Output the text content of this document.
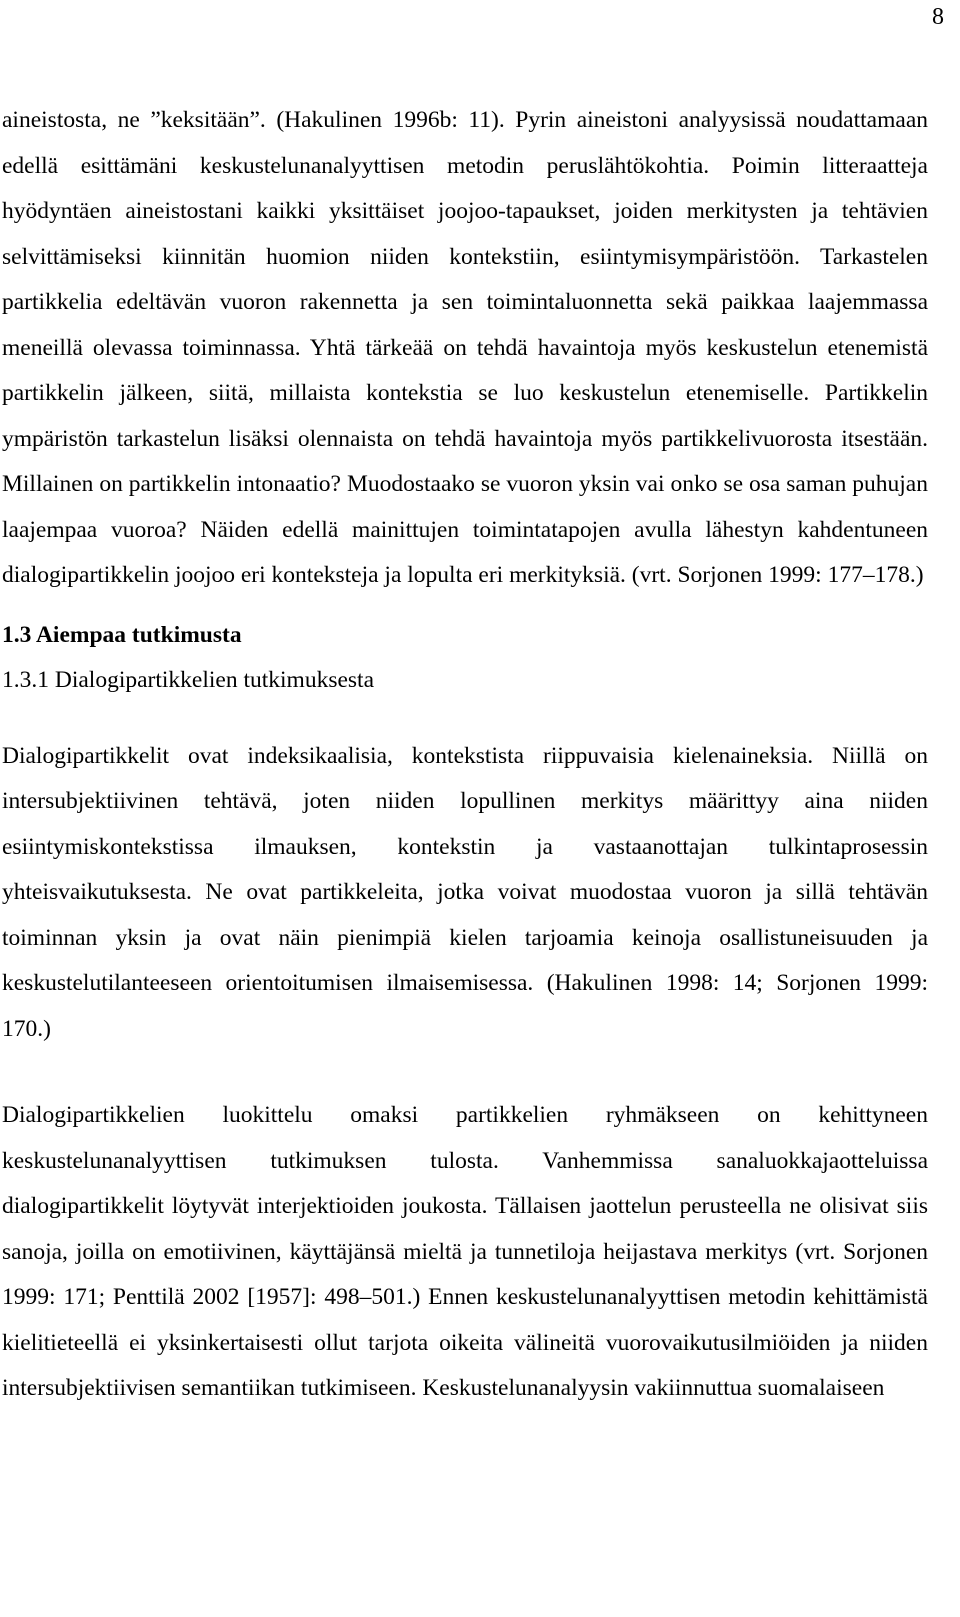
8

aineistosta, ne ”keksitään”. (Hakulinen 1996b: 11). Pyrin aineistoni analyysissä noudattamaan edellä esittämäni keskustelunanalyyttisen metodin peruslähtökohtia. Poimin litteraatteja hyödyntäen aineistostani kaikki yksittäiset joojoo-tapaukset, joiden merkitysten ja tehtävien selvittämiseksi kiinnitän huomion niiden kontekstiin, esiintymisympäristöön. Tarkastelen partikkelia edeltävän vuoron rakennetta ja sen toimintaluonnetta sekä paikkaa laajemmassa meneillä olevassa toiminnassa. Yhtä tärkeää on tehdä havaintoja myös keskustelun etenemistä partikkelin jälkeen, siitä, millaista kontekstia se luo keskustelun etenemiselle. Partikkelin ympäristön tarkastelun lisäksi olennaista on tehdä havaintoja myös partikkelivuorosta itsestään. Millainen on partikkelin intonaatio? Muodostaako se vuoron yksin vai onko se osa saman puhujan laajempaa vuoroa? Näiden edellä mainittujen toimintatapojen avulla lähestyn kahdentuneen dialogipartikkelin joojoo eri konteksteja ja lopulta eri merkityksiä. (vrt. Sorjonen 1999: 177–178.)

1.3 Aiempaa tutkimusta
1.3.1 Dialogipartikkelien tutkimuksesta

Dialogipartikkelit ovat indeksikaalisia, kontekstista riippuvaisia kielenaineksia. Niillä on intersubjektiivinen tehtävä, joten niiden lopullinen merkitys määrittyy aina niiden esiintymiskontekstissa ilmauksen, kontekstin ja vastaanottajan tulkintaprosessin yhteisvaikutuksesta. Ne ovat partikkeleita, jotka voivat muodostaa vuoron ja sillä tehtävän toiminnan yksin ja ovat näin pienimpiä kielen tarjoamia keinoja osallistuneisuuden ja keskustelutilanteeseen orientoitumisen ilmaisemisessa. (Hakulinen 1998: 14; Sorjonen 1999: 170.)

Dialogipartikkelien luokittelu omaksi partikkelien ryhmäkseen on kehittyneen keskustelunanalyyttisen tutkimuksen tulosta. Vanhemmissa sanaluokkajaotteluissa dialogipartikkelit löytyvät interjektioiden joukosta. Tällaisen jaottelun perusteella ne olisivat siis sanoja, joilla on emotiivinen, käyttäjänsä mieltä ja tunnetiloja heijastava merkitys (vrt. Sorjonen 1999: 171; Penttilä 2002 [1957]: 498–501.) Ennen keskustelunanalyyttisen metodin kehittämistä kielitieteellä ei yksinkertaisesti ollut tarjota oikeita välineitä vuorovaikutusilmiöiden ja niiden intersubjektiivisen semantiikan tutkimiseen. Keskustelunanalyysin vakiinnuttua suomalaiseen
